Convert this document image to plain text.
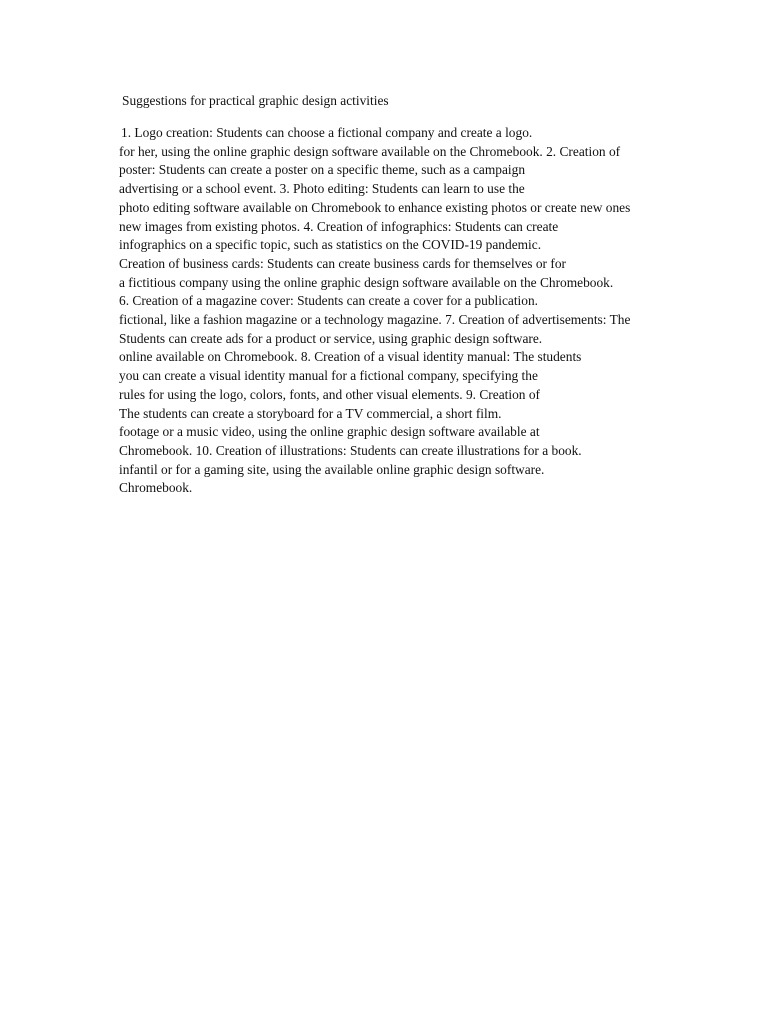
Suggestions for practical graphic design activities
1. Logo creation: Students can choose a fictional company and create a logo.
for her, using the online graphic design software available on the Chromebook. 2. Creation of
poster: Students can create a poster on a specific theme, such as a campaign
advertising or a school event. 3. Photo editing: Students can learn to use the
photo editing software available on Chromebook to enhance existing photos or create new ones
new images from existing photos. 4. Creation of infographics: Students can create
infographics on a specific topic, such as statistics on the COVID-19 pandemic.
Creation of business cards: Students can create business cards for themselves or for
a fictitious company using the online graphic design software available on the Chromebook.
6. Creation of a magazine cover: Students can create a cover for a publication.
fictional, like a fashion magazine or a technology magazine. 7. Creation of advertisements: The
Students can create ads for a product or service, using graphic design software.
online available on Chromebook. 8. Creation of a visual identity manual: The students
you can create a visual identity manual for a fictional company, specifying the
rules for using the logo, colors, fonts, and other visual elements. 9. Creation of
The students can create a storyboard for a TV commercial, a short film.
footage or a music video, using the online graphic design software available at
Chromebook. 10. Creation of illustrations: Students can create illustrations for a book.
infantil or for a gaming site, using the available online graphic design software.
Chromebook.
